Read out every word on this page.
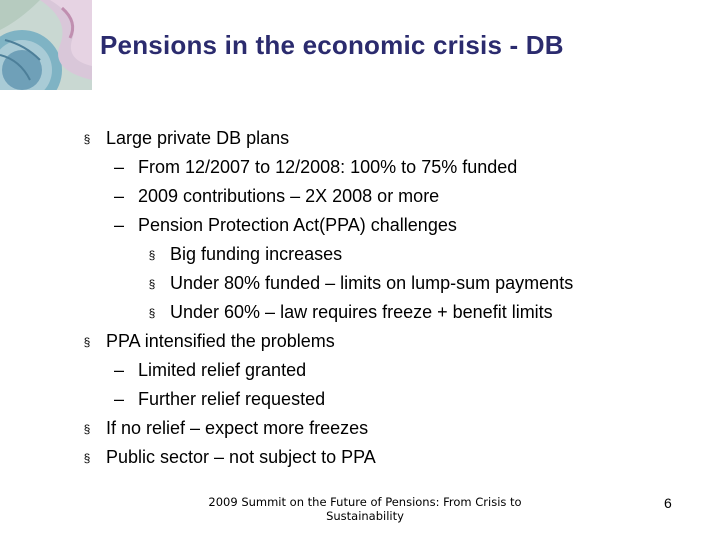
Pensions in the economic crisis - DB
§ Large private DB plans
– From 12/2007 to 12/2008: 100% to 75% funded
– 2009 contributions – 2X 2008 or more
– Pension Protection Act(PPA) challenges
§ Big funding increases
§ Under 80% funded – limits on lump-sum payments
§ Under 60% – law requires freeze + benefit limits
§ PPA intensified the problems
– Limited relief granted
– Further relief requested
§ If no relief – expect more freezes
§ Public sector – not subject to PPA
2009 Summit on the Future of Pensions: From Crisis to Sustainability
6
